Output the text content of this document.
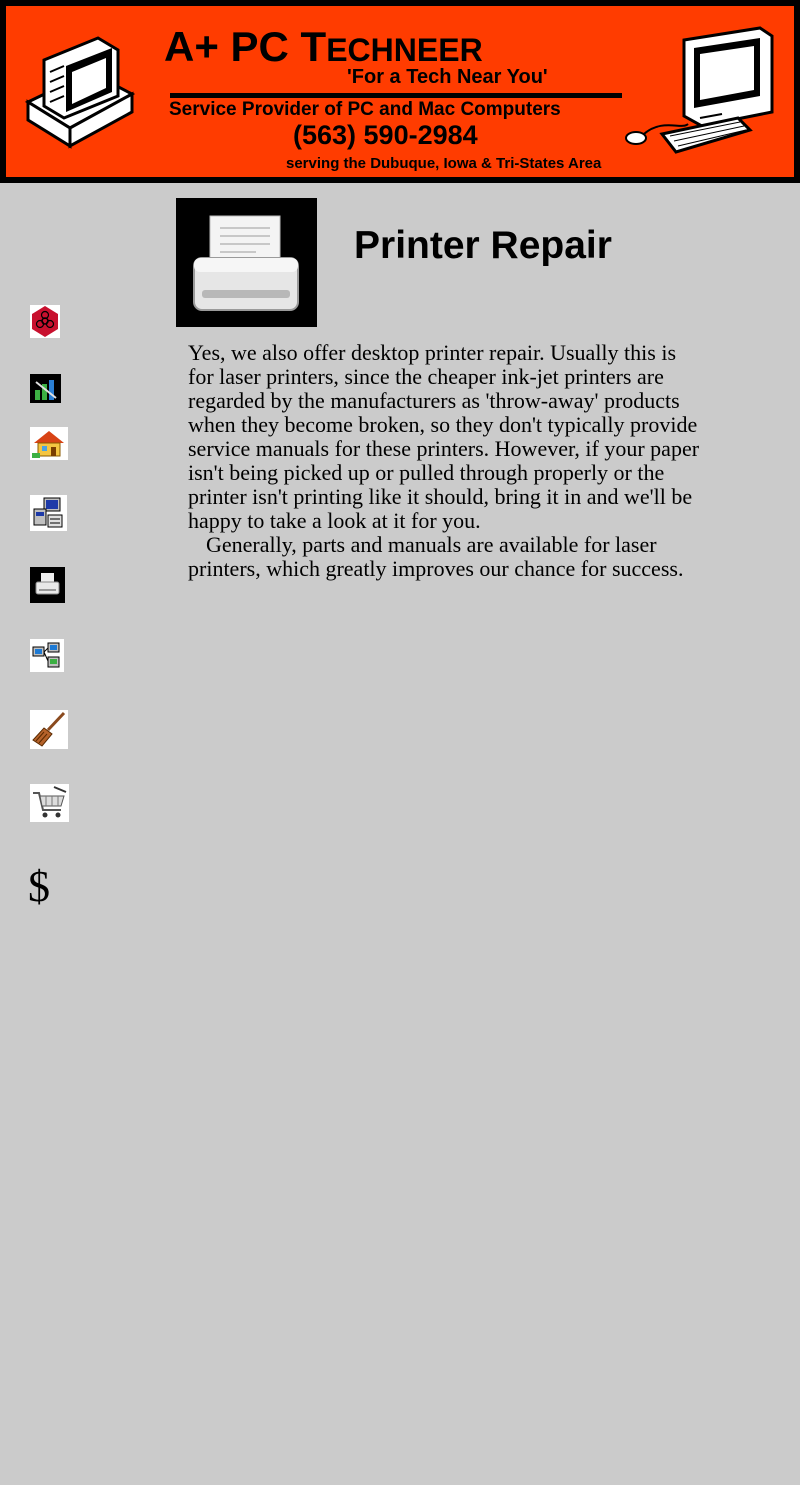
A+ PC TECHNEER
'For a Tech Near You'
Service Provider of PC and Mac Computers
(563) 590-2984
serving the Dubuque, Iowa & Tri-States Area
$
Printer Repair

Yes, we also offer desktop printer repair. Usually this is for laser printers, since the cheaper ink-jet printers are regarded by the manufacturers as 'throw-away' products when they become broken, so they don't typically provide service manuals for these printers. However, if your paper isn't being picked up or pulled through properly or the printer isn't printing like it should, bring it in and we'll be happy to take a look at it for you.

Generally, parts and manuals are available for laser printers, which greatly improves our chance for success.
